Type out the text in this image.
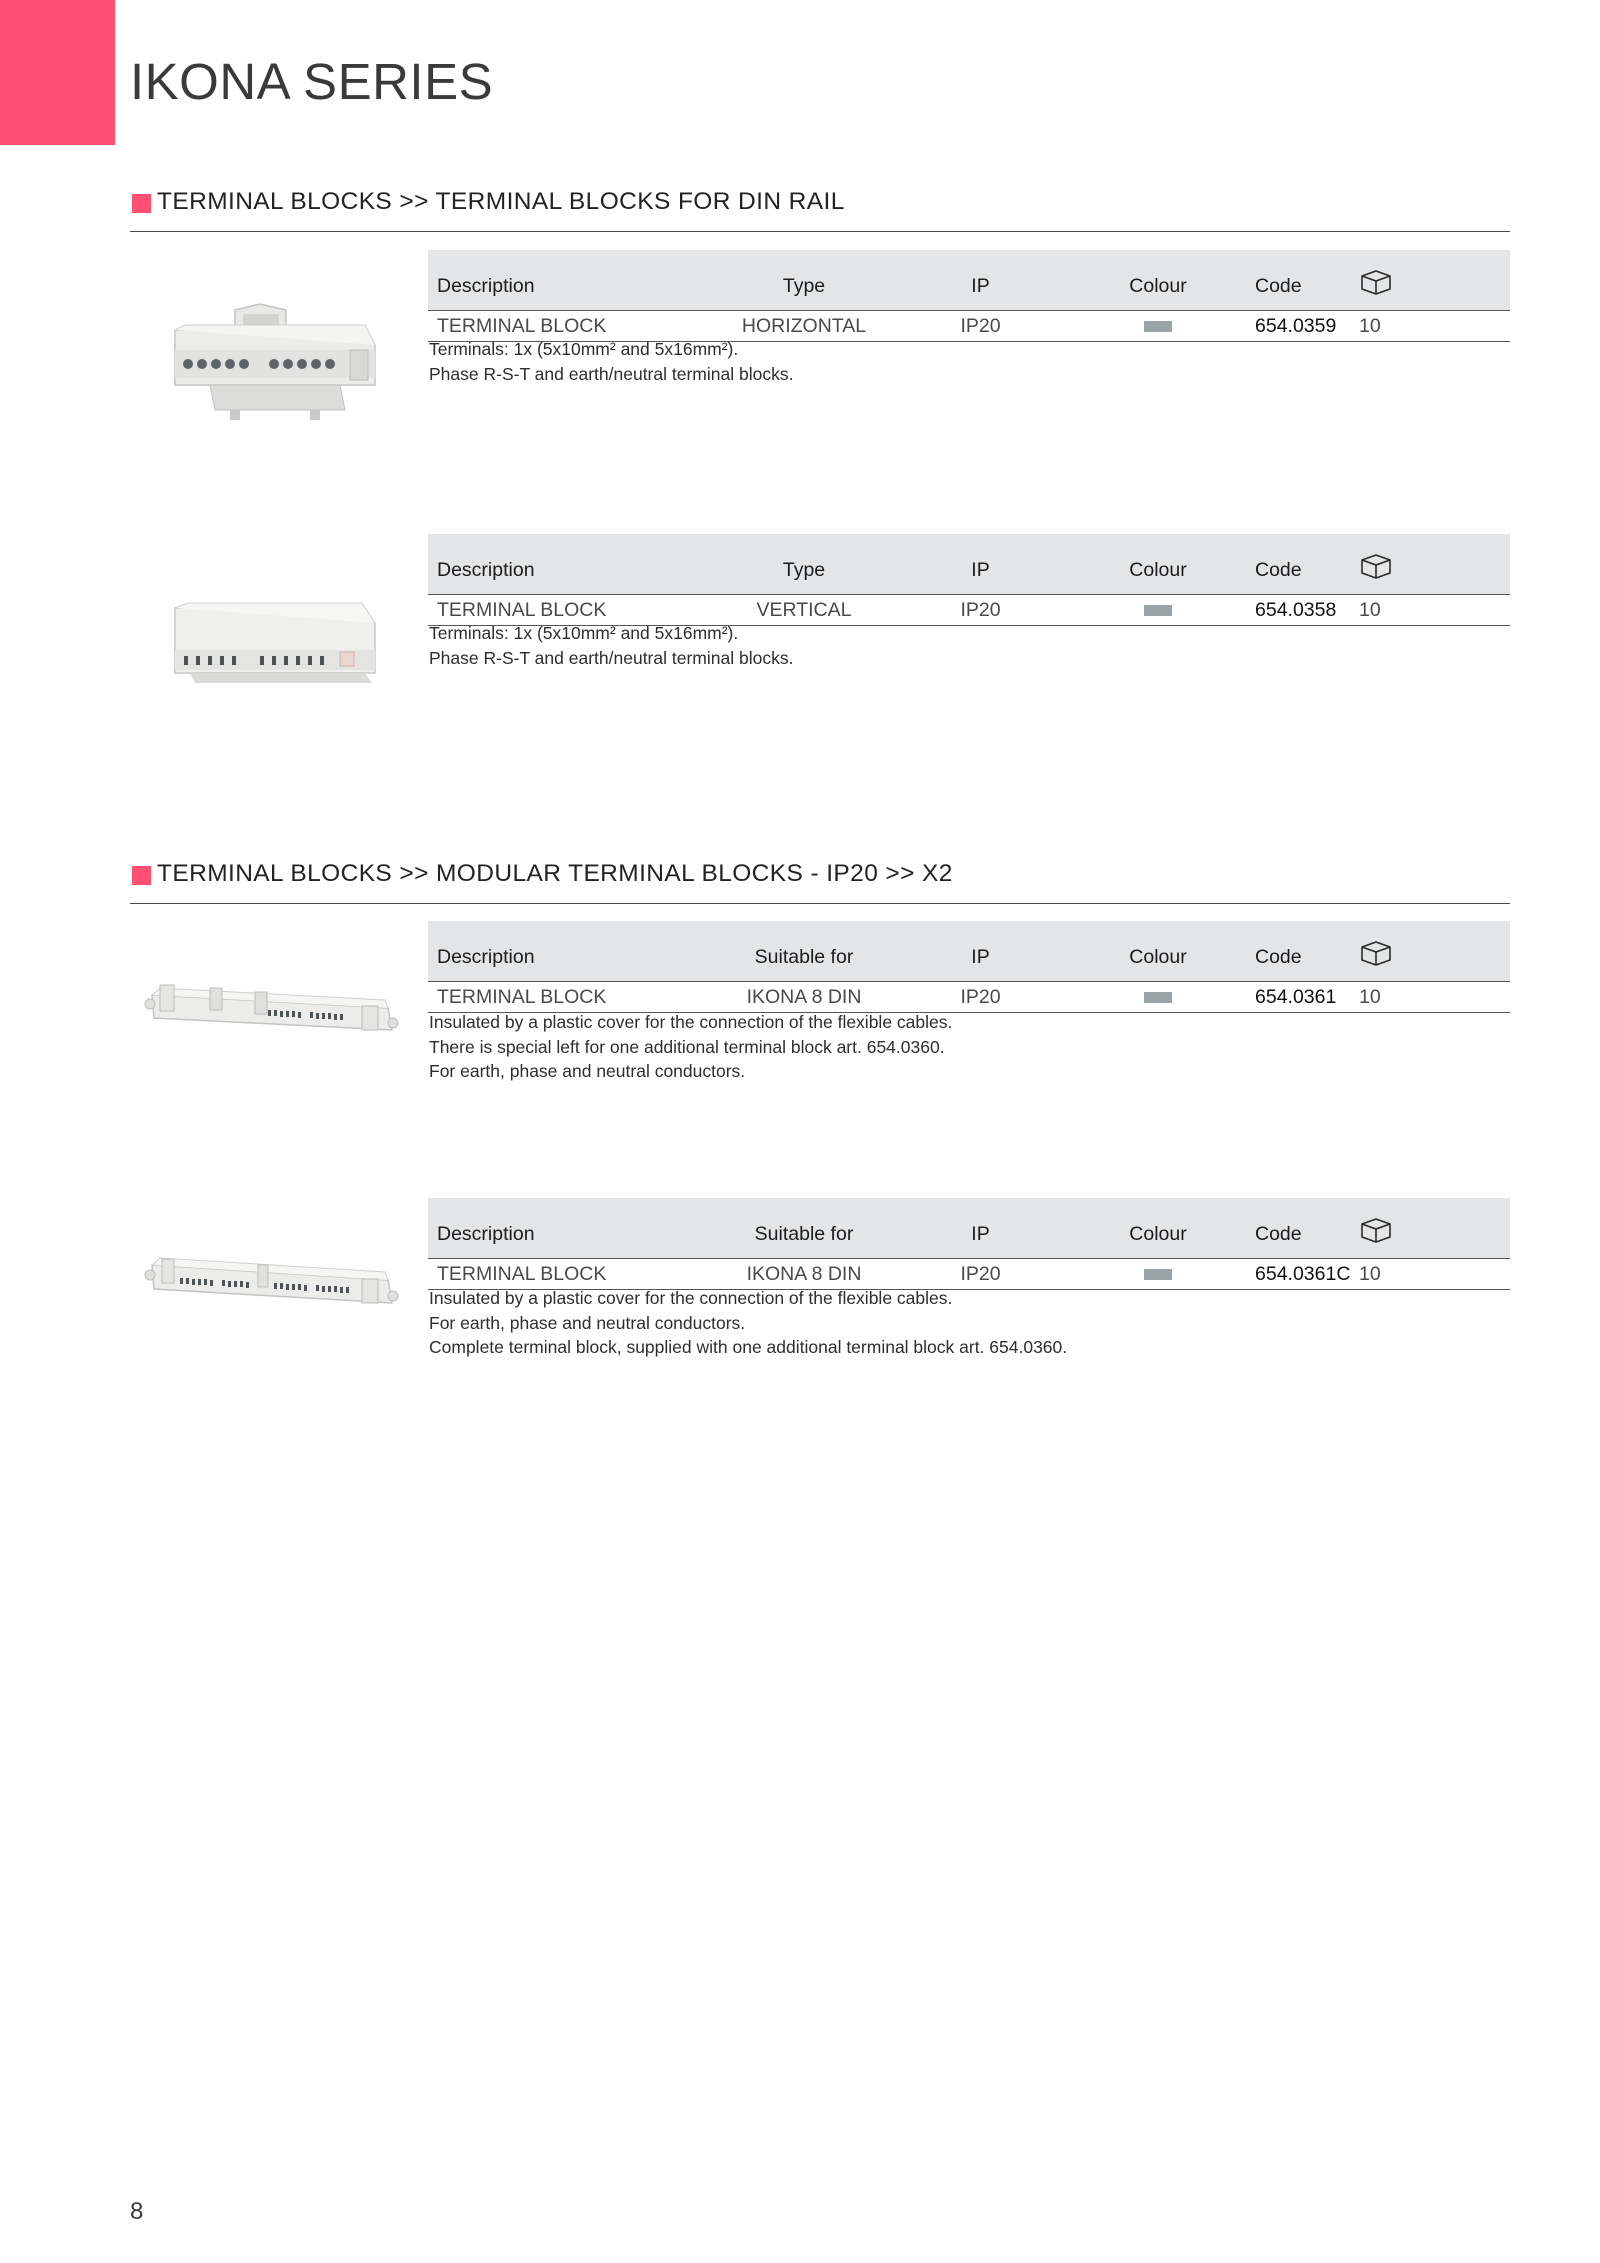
IKONA SERIES
TERMINAL BLOCKS >> TERMINAL BLOCKS FOR DIN RAIL
Description	Type	IP	Colour	Code	
TERMINAL BLOCK	HORIZONTAL	IP20		654.0359	10

Terminals: 1x (5x10mm² and 5x16mm²).

Phase R-S-T and earth/neutral terminal blocks.

Description	Type	IP	Colour	Code	
TERMINAL BLOCK	VERTICAL	IP20		654.0358	10

Terminals: 1x (5x10mm² and 5x16mm²).

Phase R-S-T and earth/neutral terminal blocks.

TERMINAL BLOCKS >> MODULAR TERMINAL BLOCKS - IP20 >> X2
Description	Suitable for	IP	Colour	Code	
TERMINAL BLOCK	IKONA 8 DIN	IP20		654.0361	10

Insulated by a plastic cover for the connection of the flexible cables.

There is special left for one additional terminal block art. 654.0360.

For earth, phase and neutral conductors.

Description	Suitable for	IP	Colour	Code	
TERMINAL BLOCK	IKONA 8 DIN	IP20		654.0361C	10

Insulated by a plastic cover for the connection of the flexible cables.

For earth, phase and neutral conductors.

Complete terminal block, supplied with one additional terminal block art. 654.0360.

8
